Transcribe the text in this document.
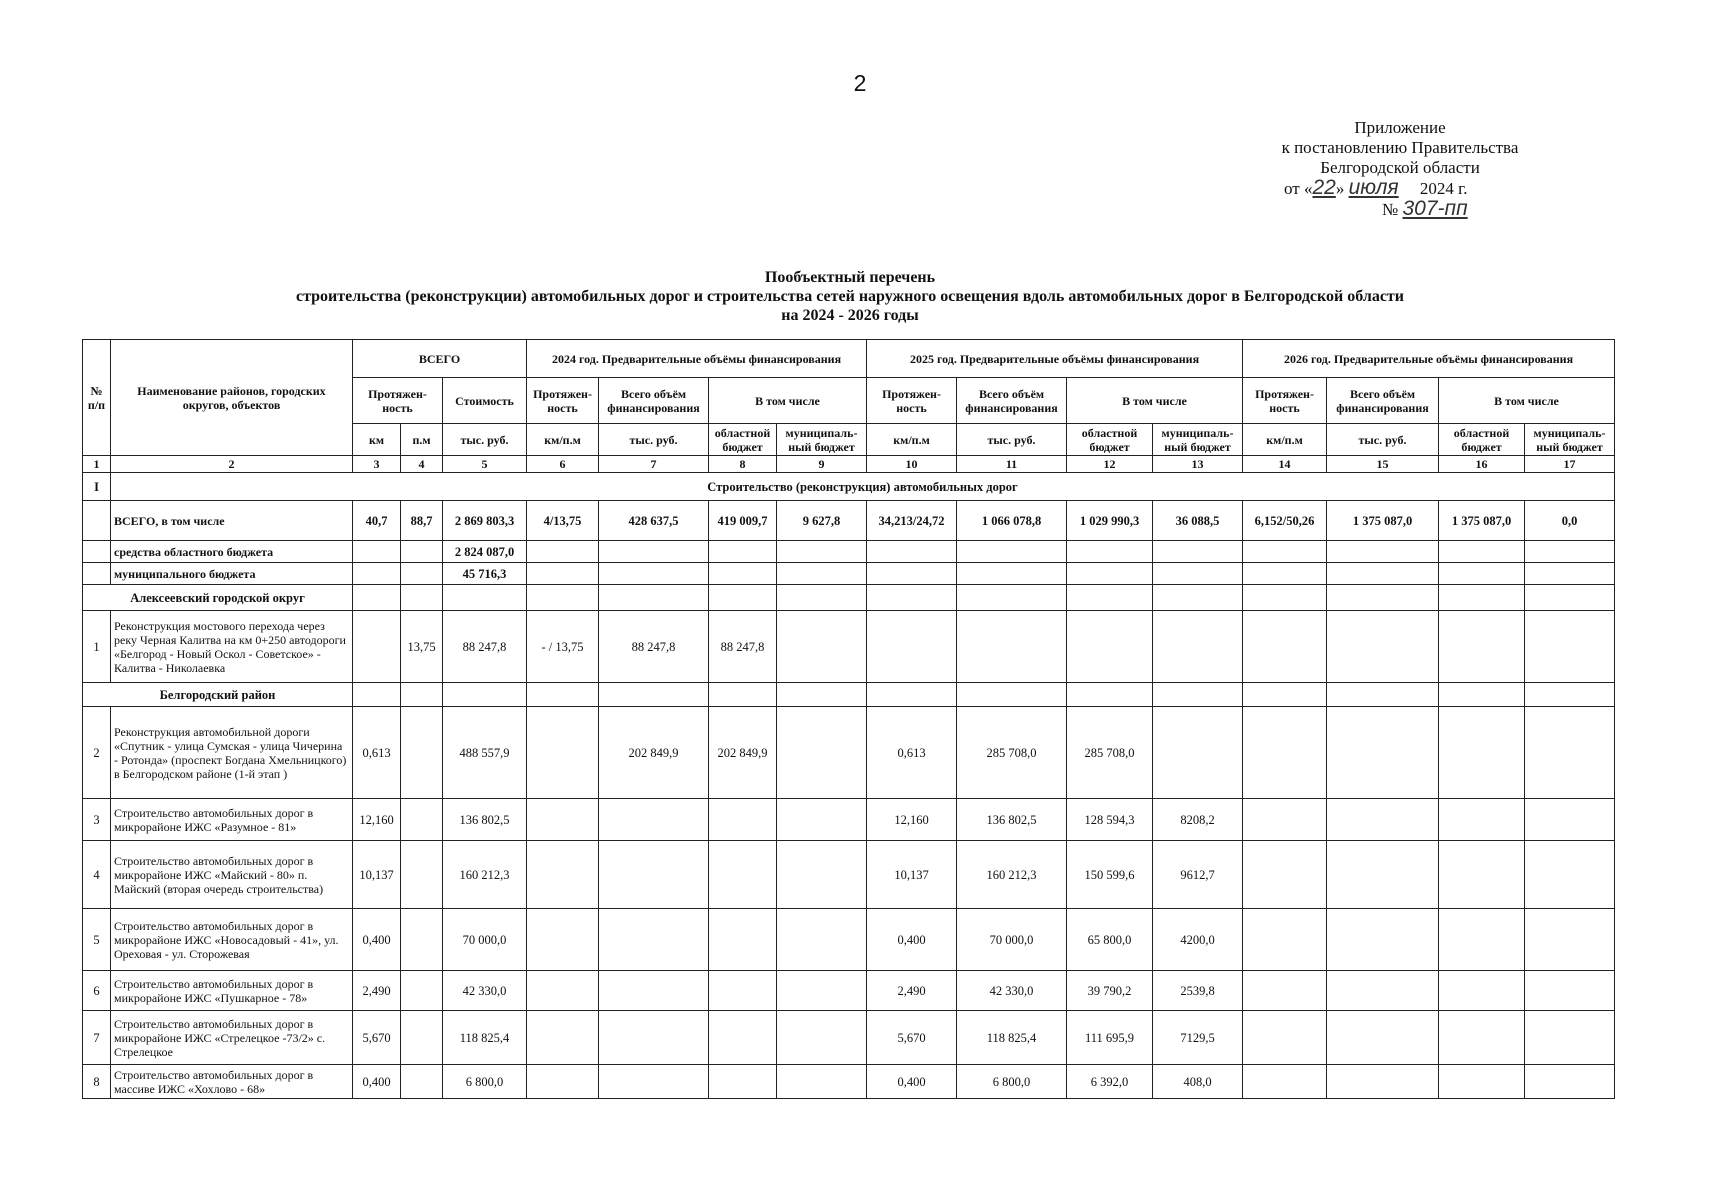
2
Приложение
к постановлению Правительства
Белгородской области
от «22» июля 2024 г.
№ 307-пп
Пообъектный перечень
строительства (реконструкции) автомобильных дорог и строительства сетей наружного освещения вдоль автомобильных дорог в Белгородской области
на 2024 - 2026 годы
№ п/п	Наименование районов, городских округов, объектов	ВСЕГО			2024 год. Предварительные объёмы финансирования				2025 год. Предварительные объёмы финансирования				2026 год. Предварительные объёмы финансирования			
		Протяжен-ность		Стоимость	Протяжен-ность	Всего объём финансирования	В том числе		Протяжен-ность	Всего объём финансирования	В том числе		Протяжен-ность	Всего объём финансирования	В том числе	
		км	п.м	тыс. руб.	км/п.м	тыс. руб.	областной бюджет	муниципаль-ный бюджет	км/п.м	тыс. руб.	областной бюджет	муниципаль-ный бюджет	км/п.м	тыс. руб.	областной бюджет	муниципаль-ный бюджет
1	2	3	4	5	6	7	8	9	10	11	12	13	14	15	16	17
I	Строительство (реконструкция) автомобильных дорог															
	ВСЕГО, в том числе	40,7	88,7	2 869 803,3	4/13,75	428 637,5	419 009,7	9 627,8	34,213/24,72	1 066 078,8	1 029 990,3	36 088,5	6,152/50,26	1 375 087,0	1 375 087,0	0,0
	средства областного бюджета			2 824 087,0												
	муниципального бюджета			45 716,3												
Алексеевский городской округ																
1	Реконструкция мостового перехода через реку Черная Калитва на км 0+250 автодороги «Белгород - Новый Оскол - Советское» - Калитва - Николаевка		13,75	88 247,8	- / 13,75	88 247,8	88 247,8									
Белгородский район																
2	Реконструкция автомобильной дороги «Спутник - улица Сумская - улица Чичерина - Ротонда» (проспект Богдана Хмельницкого) в Белгородском районе (1-й этап )	0,613		488 557,9		202 849,9	202 849,9		0,613	285 708,0	285 708,0					
3	Строительство автомобильных дорог в микрорайоне ИЖС «Разумное - 81»	12,160		136 802,5					12,160	136 802,5	128 594,3	8208,2				
4	Строительство автомобильных дорог в микрорайоне ИЖС «Майский - 80» п. Майский (вторая очередь строительства)	10,137		160 212,3					10,137	160 212,3	150 599,6	9612,7				
5	Строительство автомобильных дорог в микрорайоне ИЖС «Новосадовый - 41», ул. Ореховая - ул. Сторожевая	0,400		70 000,0					0,400	70 000,0	65 800,0	4200,0				
6	Строительство автомобильных дорог в микрорайоне ИЖС «Пушкарное - 78»	2,490		42 330,0					2,490	42 330,0	39 790,2	2539,8				
7	Строительство автомобильных дорог в микрорайоне ИЖС «Стрелецкое -73/2» с. Стрелецкое	5,670		118 825,4					5,670	118 825,4	111 695,9	7129,5				
8	Строительство автомобильных дорог в массиве ИЖС «Хохлово - 68»	0,400		6 800,0					0,400	6 800,0	6 392,0	408,0				
